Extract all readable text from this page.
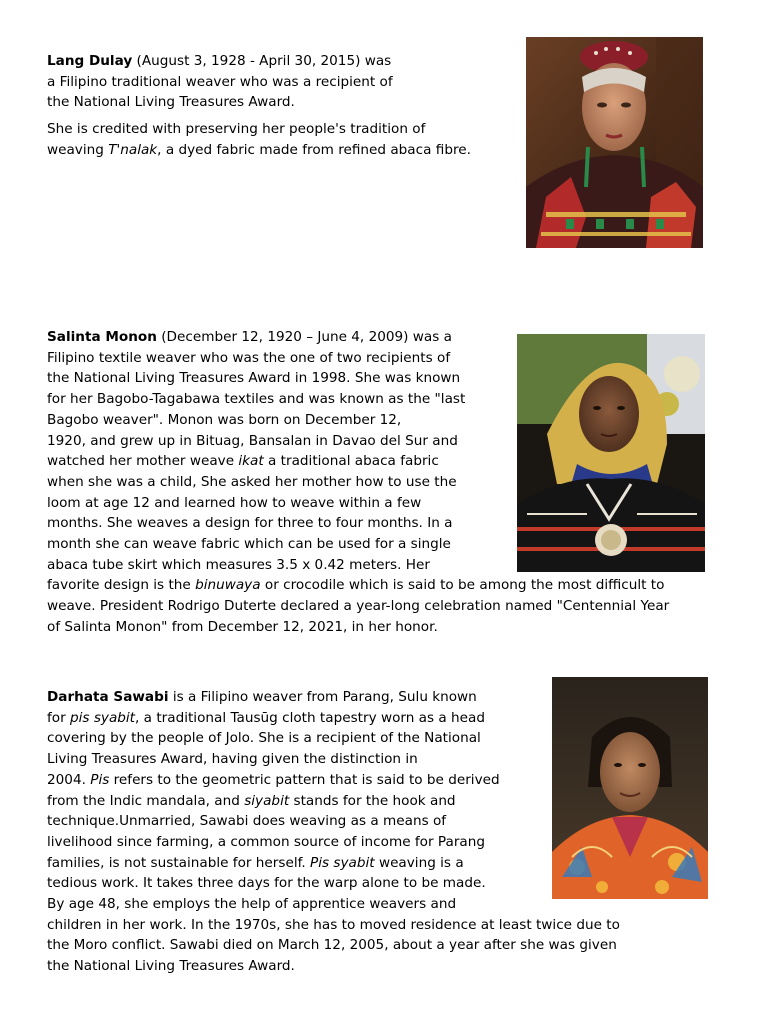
Lang Dulay (August 3, 1928 - April 30, 2015) was

a Filipino traditional weaver who was a recipient of

the National Living Treasures Award.

She is credited with preserving her people's tradition of

weaving T'nalak, a dyed fabric made from refined abaca fibre.

Salinta Monon (December 12, 1920 – June 4, 2009) was a

Filipino textile weaver who was the one of two recipients of

the National Living Treasures Award in 1998. She was known

for her Bagobo-Tagabawa textiles and was known as the "last

Bagobo weaver". Monon was born on December 12,

1920, and grew up in Bituag, Bansalan in Davao del Sur and

watched her mother weave ikat a traditional abaca fabric

when she was a child, She asked her mother how to use the

loom at age 12 and learned how to weave within a few

months. She weaves a design for three to four months. In a

month she can weave fabric which can be used for a single

abaca tube skirt which measures 3.5 x 0.42 meters. Her

favorite design is the binuwaya or crocodile which is said to be among the most difficult to

weave. President Rodrigo Duterte declared a year-long celebration named "Centennial Year

of Salinta Monon" from December 12, 2021, in her honor.

Darhata Sawabi is a Filipino weaver from Parang, Sulu known

for pis syabit, a traditional Tausūg cloth tapestry worn as a head

covering by the people of Jolo. She is a recipient of the National

Living Treasures Award, having given the distinction in

2004. Pis refers to the geometric pattern that is said to be derived

from the Indic mandala, and siyabit stands for the hook and

technique.Unmarried, Sawabi does weaving as a means of

livelihood since farming, a common source of income for Parang

families, is not sustainable for herself. Pis syabit weaving is a

tedious work. It takes three days for the warp alone to be made.

By age 48, she employs the help of apprentice weavers and

children in her work. In the 1970s, she has to moved residence at least twice due to

the Moro conflict. Sawabi died on March 12, 2005, about a year after she was given

the National Living Treasures Award.
